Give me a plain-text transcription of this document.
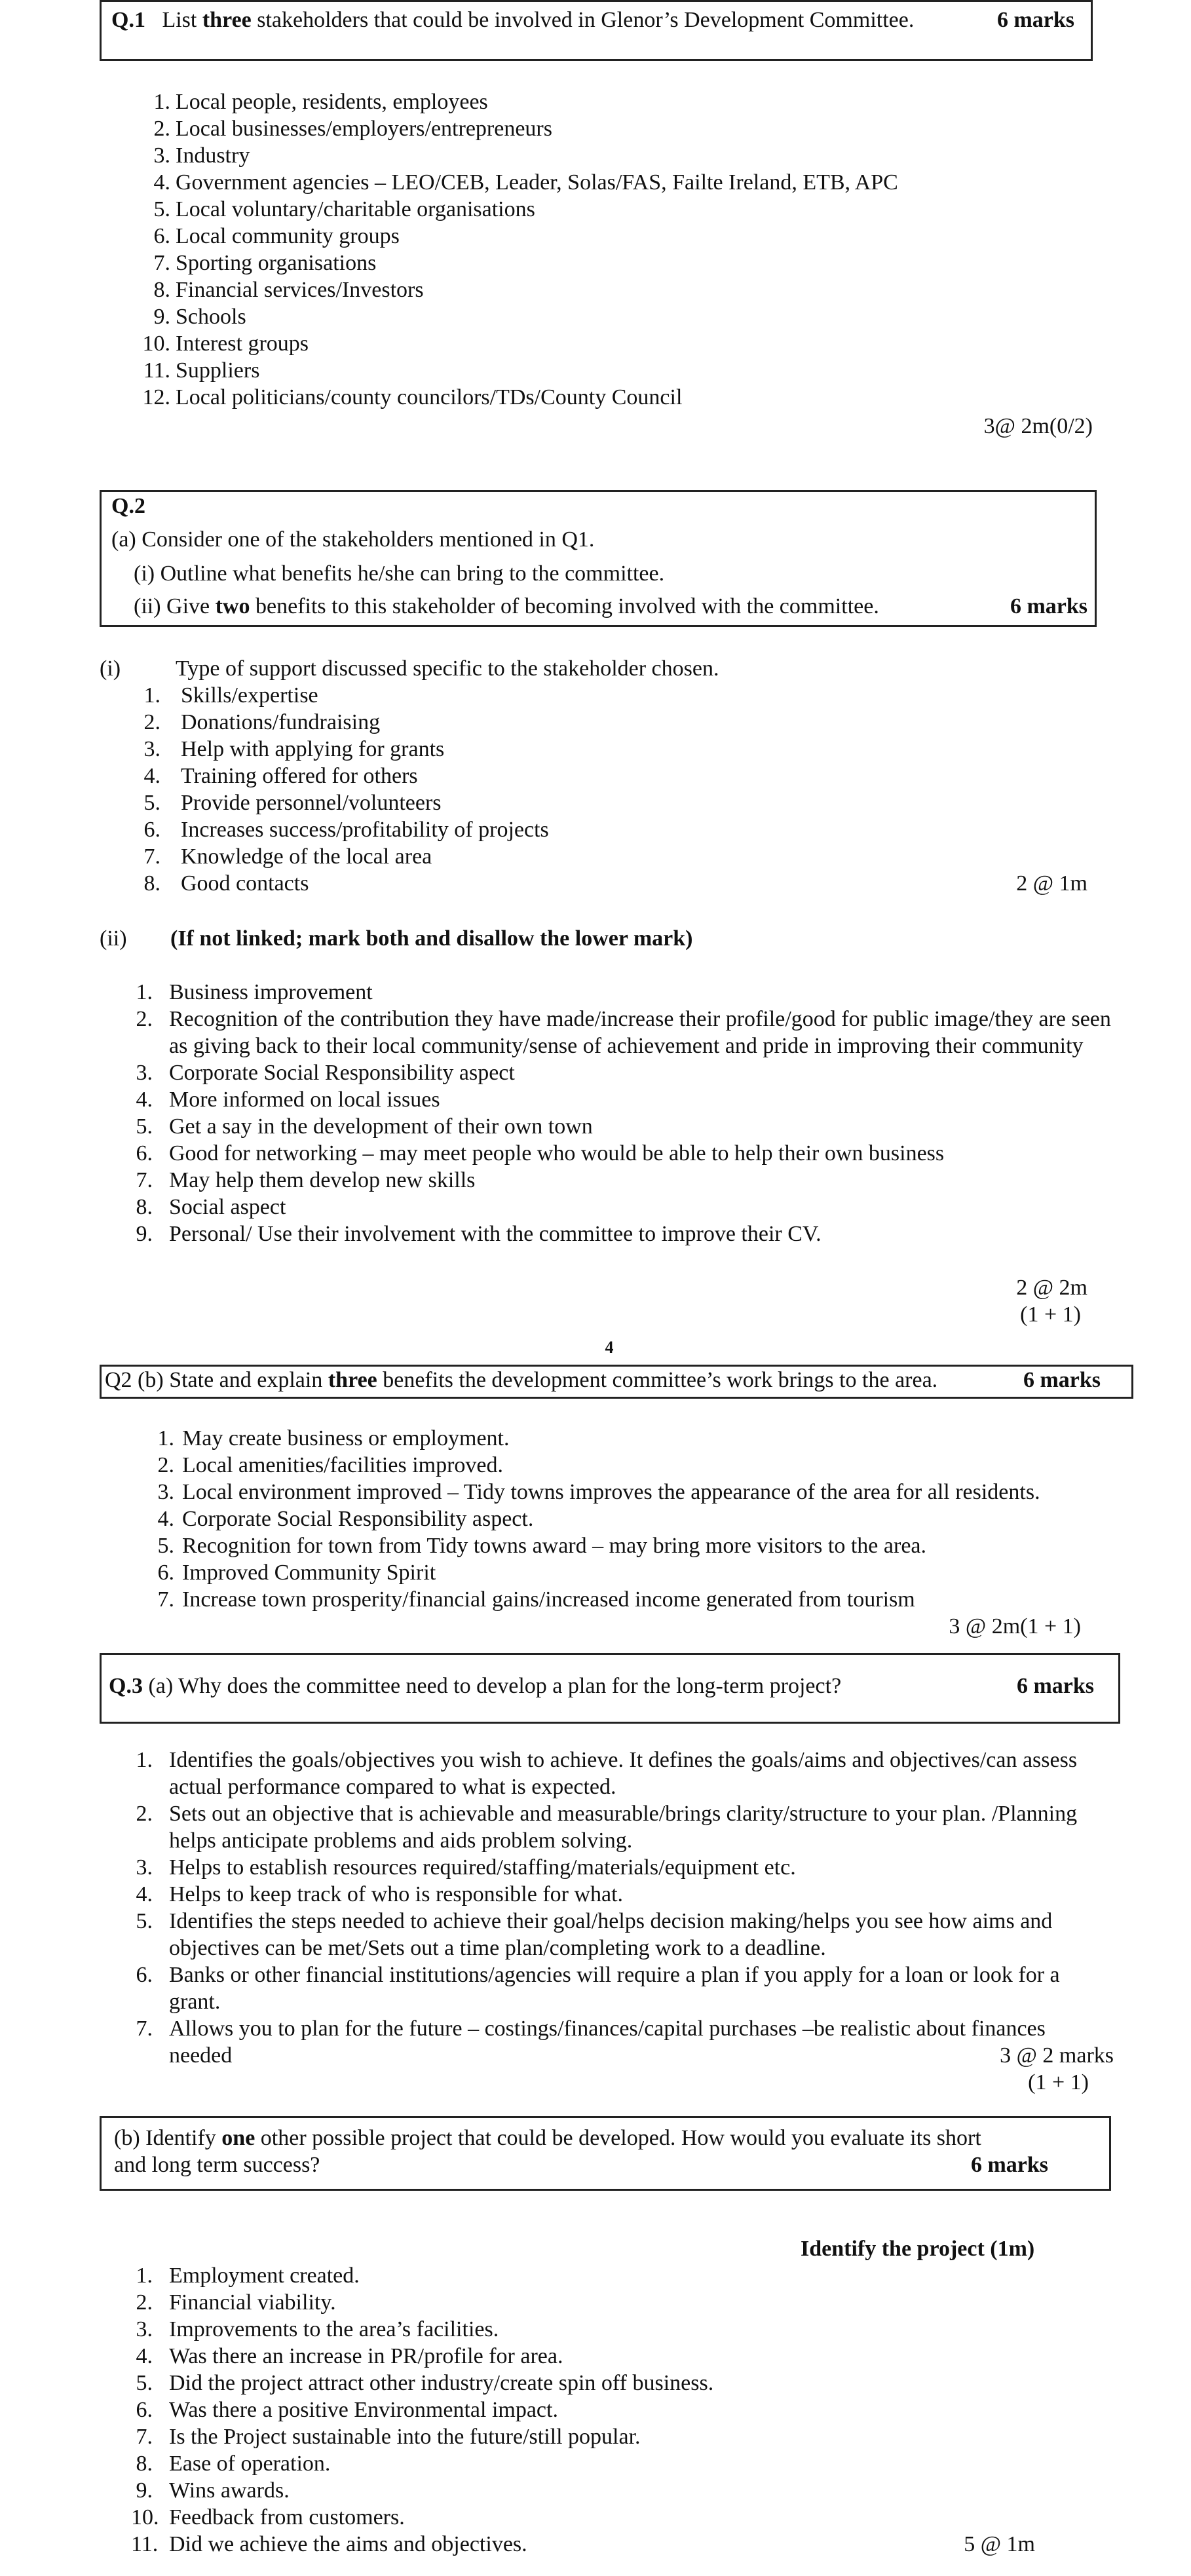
Q.1 List three stakeholders that could be involved in Glenor’s Development Committee.	6 marks
1. Local people, residents, employees
2. Local businesses/employers/entrepreneurs
3. Industry
4. Government agencies – LEO/CEB, Leader, Solas/FAS, Failte Ireland, ETB, APC
5. Local voluntary/charitable organisations
6. Local community groups
7. Sporting organisations
8. Financial services/Investors
9. Schools
10. Interest groups
11. Suppliers
12. Local politicians/county councilors/TDs/County Council
3@ 2m(0/2)
Q.2
(a) Consider one of the stakeholders mentioned in Q1.
(i) Outline what benefits he/she can bring to the committee.
(ii) Give two benefits to this stakeholder of becoming involved with the committee.	6 marks
(i) Type of support discussed specific to the stakeholder chosen.
1. Skills/expertise
2. Donations/fundraising
3. Help with applying for grants
4. Training offered for others
5. Provide personnel/volunteers
6. Increases success/profitability of projects
7. Knowledge of the local area
8. Good contacts	2 @ 1m
(ii) (If not linked; mark both and disallow the lower mark)
1. Business improvement
2. Recognition of the contribution they have made/increase their profile/good for public image/they are seen as giving back to their local community/sense of achievement and pride in improving their community
3. Corporate Social Responsibility aspect
4. More informed on local issues
5. Get a say in the development of their own town
6. Good for networking – may meet people who would be able to help their own business
7. May help them develop new skills
8. Social aspect
9. Personal/ Use their involvement with the committee to improve their CV.
2 @ 2m
(1 + 1)
4
Q2 (b) State and explain three benefits the development committee’s work brings to the area.	6 marks
1. May create business or employment.
2. Local amenities/facilities improved.
3. Local environment improved – Tidy towns improves the appearance of the area for all residents.
4. Corporate Social Responsibility aspect.
5. Recognition for town from Tidy towns award – may bring more visitors to the area.
6. Improved Community Spirit
7. Increase town prosperity/financial gains/increased income generated from tourism
3 @ 2m(1 + 1)
Q.3 (a) Why does the committee need to develop a plan for the long-term project?	6 marks
1. Identifies the goals/objectives you wish to achieve. It defines the goals/aims and objectives/can assess actual performance compared to what is expected.
2. Sets out an objective that is achievable and measurable/brings clarity/structure to your plan. /Planning helps anticipate problems and aids problem solving.
3. Helps to establish resources required/staffing/materials/equipment etc.
4. Helps to keep track of who is responsible for what.
5. Identifies the steps needed to achieve their goal/helps decision making/helps you see how aims and objectives can be met/Sets out a time plan/completing work to a deadline.
6. Banks or other financial institutions/agencies will require a plan if you apply for a loan or look for a grant.
7. Allows you to plan for the future – costings/finances/capital purchases –be realistic about finances needed	3 @ 2 marks
(1 + 1)
(b) Identify one other possible project that could be developed. How would you evaluate its short
and long term success?	6 marks
Identify the project (1m)
1. Employment created.
2. Financial viability.
3. Improvements to the area’s facilities.
4. Was there an increase in PR/profile for area.
5. Did the project attract other industry/create spin off business.
6. Was there a positive Environmental impact.
7. Is the Project sustainable into the future/still popular.
8. Ease of operation.
9. Wins awards.
10. Feedback from customers.
11. Did we achieve the aims and objectives.	5 @ 1m
